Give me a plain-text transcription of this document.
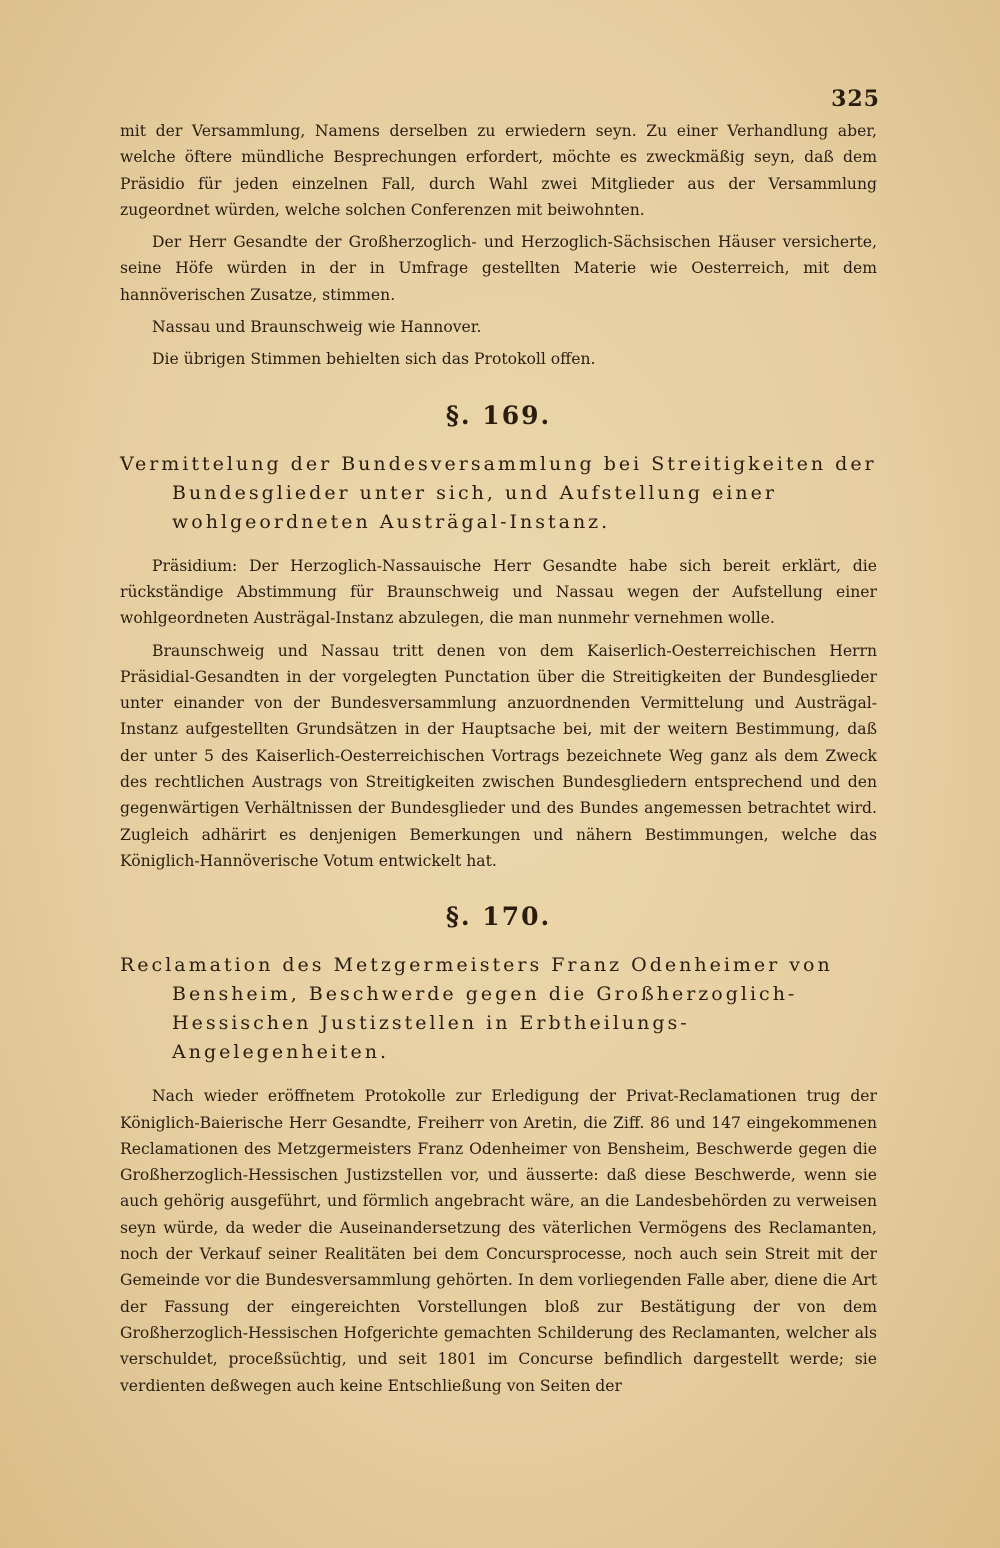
325

mit der Versammlung, Namens derselben zu erwiedern seyn. Zu einer Verhandlung aber, welche öftere mündliche Besprechungen erfordert, möchte es zweckmäßig seyn, daß dem Präsidio für jeden einzelnen Fall, durch Wahl zwei Mitglieder aus der Versammlung zugeordnet würden, welche solchen Conferenzen mit beiwohnten.

Der Herr Gesandte der Großherzoglich- und Herzoglich-Sächsischen Häuser versicherte, seine Höfe würden in der in Umfrage gestellten Materie wie Oesterreich, mit dem hannöverischen Zusatze, stimmen.

Nassau und Braunschweig wie Hannover.

Die übrigen Stimmen behielten sich das Protokoll offen.

§. 169.
Vermittelung der Bundesversammlung bei Streitigkeiten der Bundesglieder unter sich, und Aufstellung einer wohlgeordneten Austrägal-Instanz.

Präsidium: Der Herzoglich-Nassauische Herr Gesandte habe sich bereit erklärt, die rückständige Abstimmung für Braunschweig und Nassau wegen der Aufstellung einer wohlgeordneten Austrägal-Instanz abzulegen, die man nunmehr vernehmen wolle.

Braunschweig und Nassau tritt denen von dem Kaiserlich-Oesterreichischen Herrn Präsidial-Gesandten in der vorgelegten Punctation über die Streitigkeiten der Bundesglieder unter einander von der Bundesversammlung anzuordnenden Vermittelung und Austrägal-Instanz aufgestellten Grundsätzen in der Hauptsache bei, mit der weitern Bestimmung, daß der unter 5 des Kaiserlich-Oesterreichischen Vortrags bezeichnete Weg ganz als dem Zweck des rechtlichen Austrags von Streitigkeiten zwischen Bundesgliedern entsprechend und den gegenwärtigen Verhältnissen der Bundesglieder und des Bundes angemessen betrachtet wird. Zugleich adhärirt es denjenigen Bemerkungen und nähern Bestimmungen, welche das Königlich-Hannöverische Votum entwickelt hat.

§. 170.
Reclamation des Metzgermeisters Franz Odenheimer von Bensheim, Beschwerde gegen die Großherzoglich-Hessischen Justizstellen in Erbtheilungs-Angelegenheiten.

Nach wieder eröffnetem Protokolle zur Erledigung der Privat-Reclamationen trug der Königlich-Baierische Herr Gesandte, Freiherr von Aretin, die Ziff. 86 und 147 eingekommenen Reclamationen des Metzgermeisters Franz Odenheimer von Bensheim, Beschwerde gegen die Großherzoglich-Hessischen Justizstellen vor, und äusserte: daß diese Beschwerde, wenn sie auch gehörig ausgeführt, und förmlich angebracht wäre, an die Landesbehörden zu verweisen seyn würde, da weder die Auseinandersetzung des väterlichen Vermögens des Reclamanten, noch der Verkauf seiner Realitäten bei dem Concursprocesse, noch auch sein Streit mit der Gemeinde vor die Bundesversammlung gehörten. In dem vorliegenden Falle aber, diene die Art der Fassung der eingereichten Vorstellungen bloß zur Bestätigung der von dem Großherzoglich-Hessischen Hofgerichte gemachten Schilderung des Reclamanten, welcher als verschuldet, proceßsüchtig, und seit 1801 im Concurse befindlich dargestellt werde; sie verdienten deßwegen auch keine Entschließung von Seiten der
